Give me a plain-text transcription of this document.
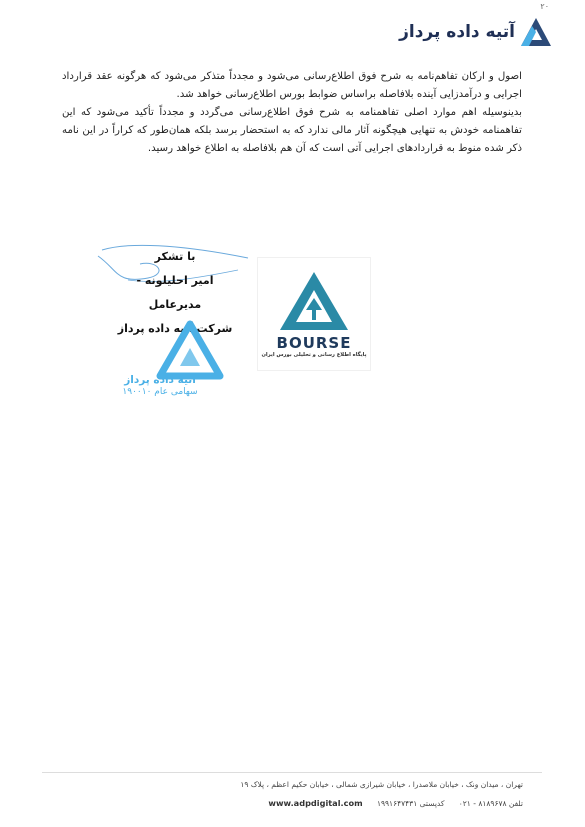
٢٠
آتیه داده پرداز

اصول و ارکان تفاهم‌نامه به شرح فوق اطلاع‌رسانی می‌شود و مجدداً متذکر می‌شود که هرگونه عقد قرارداد اجرایی و درآمدزایی آینده بلافاصله براساس ضوابط بورس اطلاع‌رسانی خواهد شد.

بدینوسیله اهم موارد اصلی تفاهمنامه به شرح فوق اطلاع‌رسانی می‌گردد و مجدداً تأکید می‌شود که این تفاهمنامه خودش به تنهایی هیچگونه آثار مالی ندارد که به استحضار برسد بلکه همان‌طور که کراراً در این نامه ذکر شده منوط به قراردادهای اجرایی آتی است که آن هم بلافاصله به اطلاع خواهد رسید.

با تشکر
امیر احلیلونه - مدیرعامل
شرکت آتیه داده پرداز
آتیه داده پرداز
سهامی عام ۱۹۰۰۱۰
BOURSE
پایگاه اطلاع رسانی و تحلیلی بورس ایران
تهران ، میدان ونک ، خیابان ملاصدرا ، خیابان شیرازی شمالی ، خیابان حکیم اعظم ، پلاک ۱۹
تلفن ۸۱۸۹۶۷۸ - ۰۲۱      کدپستی ۱۹۹۱۶۴۷۴۳۱      www.adpdigital.com
